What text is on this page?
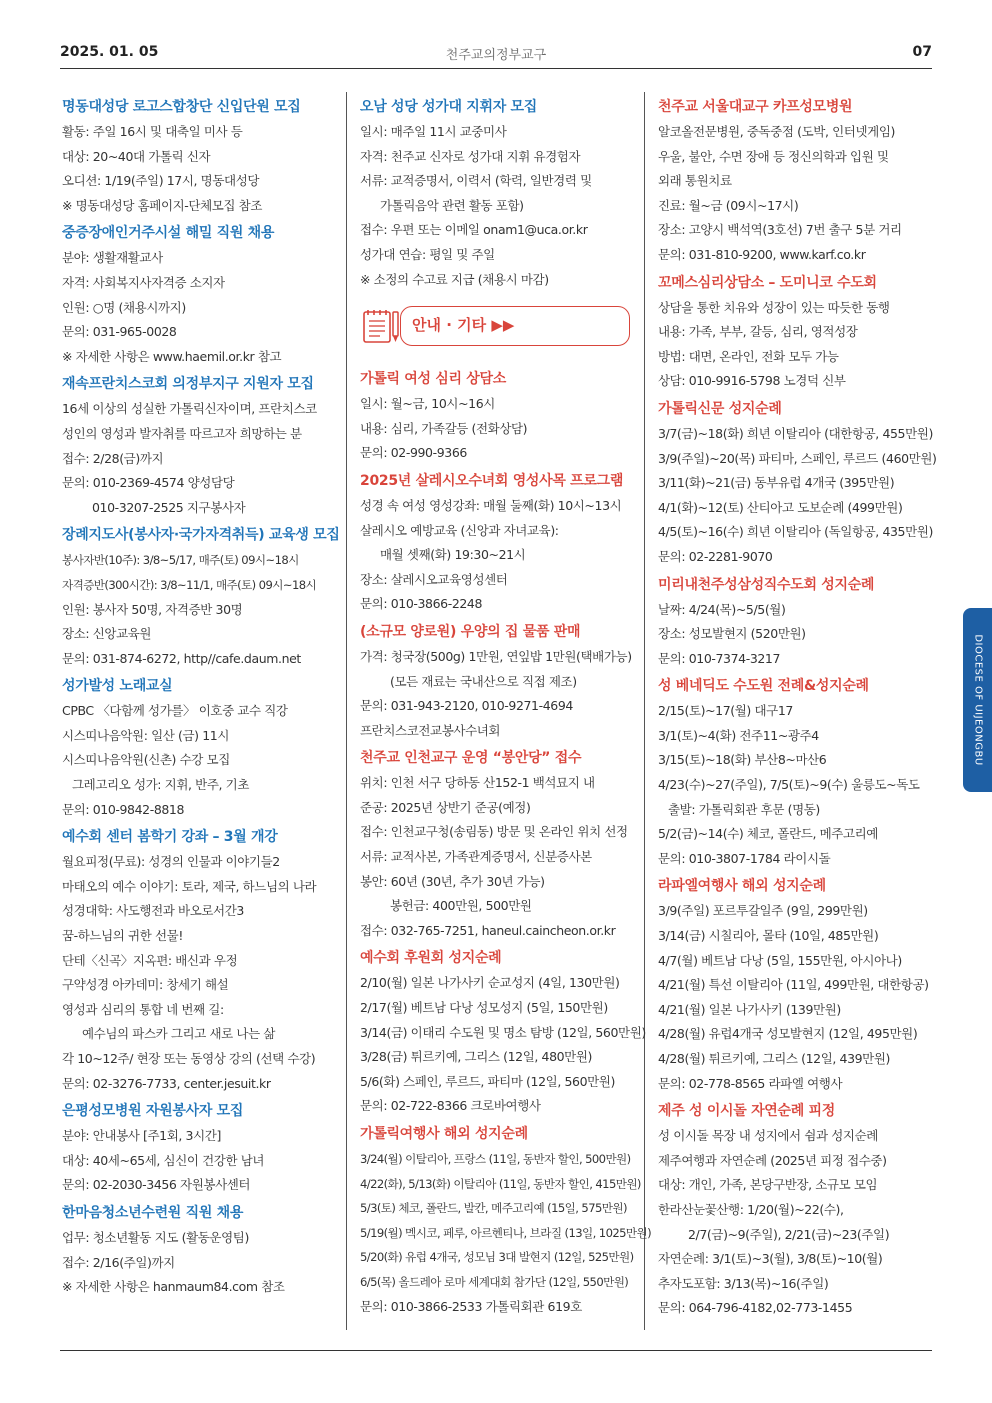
2025. 01. 05	천주교의정부교구	07
명동대성당 로고스합창단 신입단원 모집
활동: 주일 16시 및 대축일 미사 등
대상: 20~40대 가톨릭 신자
오디션: 1/19(주일) 17시, 명동대성당
※ 명동대성당 홈페이지-단체모집 참조
중증장애인거주시설 해밀 직원 채용
분야: 생활재활교사
자격: 사회복지사자격증 소지자
인원: ○명 (채용시까지)
문의: 031-965-0028
※ 자세한 사항은 www.haemil.or.kr 참고
재속프란치스코회 의정부지구 지원자 모집
16세 이상의 성실한 가톨릭신자이며, 프란치스코
성인의 영성과 발자취를 따르고자 희망하는 분
접수: 2/28(금)까지
문의: 010-2369-4574 양성담당
010-3207-2525 지구봉사자
장례지도사(봉사자·국가자격취득) 교육생 모집
봉사자반(10주): 3/8~5/17, 매주(토) 09시~18시
자격증반(300시간): 3/8~11/1, 매주(토) 09시~18시
인원: 봉사자 50명, 자격증반 30명
장소: 신앙교육원
문의: 031-874-6272, http//cafe.daum.net
성가발성 노래교실
CPBC 〈다함께 성가를〉 이호중 교수 직강
시스띠나음악원: 일산 (금) 11시
시스띠나음악원(신촌) 수강 모집
그레고리오 성가: 지휘, 반주, 기초
문의: 010-9842-8818
예수회 센터 봄학기 강좌 – 3월 개강
월요피정(무료): 성경의 인물과 이야기들2
마태오의 예수 이야기: 토라, 제국, 하느님의 나라
성경대학: 사도행전과 바오로서간3
꿈-하느님의 귀한 선물!
단테〈신곡〉지옥편: 배신과 우정
구약성경 아카데미: 창세기 해설
영성과 심리의 통합 네 번째 길:
예수님의 파스카 그리고 새로 나는 삶
각 10~12주/ 현장 또는 동영상 강의 (선택 수강)
문의: 02-3276-7733, center.jesuit.kr
은평성모병원 자원봉사자 모집
분야: 안내봉사 [주1회, 3시간]
대상: 40세~65세, 심신이 건강한 남녀
문의: 02-2030-3456 자원봉사센터
한마음청소년수련원 직원 채용
업무: 청소년활동 지도 (활동운영팀)
접수: 2/16(주일)까지
※ 자세한 사항은 hanmaum84.com 참조
오남 성당 성가대 지휘자 모집
일시: 매주일 11시 교중미사
자격: 천주교 신자로 성가대 지휘 유경험자
서류: 교적증명서, 이력서 (학력, 일반경력 및
가톨릭음악 관련 활동 포함)
접수: 우편 또는 이메일 onam1@uca.or.kr
성가대 연습: 평일 및 주일
※ 소정의 수고료 지급 (채용시 마감)
안내 · 기타 ▶▶
가톨릭 여성 심리 상담소
일시: 월~금, 10시~16시
내용: 심리, 가족갈등 (전화상담)
문의: 02-990-9366
2025년 살레시오수녀회 영성사목 프로그램
성경 속 여성 영성강좌: 매월 둘째(화) 10시~13시
살레시오 예방교육 (신앙과 자녀교육):
매월 셋째(화) 19:30~21시
장소: 살레시오교육영성센터
문의: 010-3866-2248
(소규모 양로원) 우양의 집 물품 판매
가격: 청국장(500g) 1만원, 연잎밥 1만원(택배가능)
(모든 재료는 국내산으로 직접 제조)
문의: 031-943-2120, 010-9271-4694
프란치스코전교봉사수녀회
천주교 인천교구 운영 “봉안당” 접수
위치: 인천 서구 당하동 산152-1 백석묘지 내
준공: 2025년 상반기 준공(예정)
접수: 인천교구청(송림동) 방문 및 온라인 위치 선정
서류: 교적사본, 가족관계증명서, 신분증사본
봉안: 60년 (30년, 추가 30년 가능)
봉헌금: 400만원, 500만원
접수: 032-765-7251, haneul.caincheon.or.kr
예수회 후원회 성지순례
2/10(월) 일본 나가사키 순교성지 (4일, 130만원)
2/17(월) 베트남 다낭 성모성지 (5일, 150만원)
3/14(금) 이태리 수도원 및 명소 탐방 (12일, 560만원)
3/28(금) 튀르키예, 그리스 (12일, 480만원)
5/6(화) 스페인, 루르드, 파티마 (12일, 560만원)
문의: 02-722-8366 크로바여행사
가톨릭여행사 해외 성지순례
3/24(월) 이탈리아, 프랑스 (11일, 동반자 할인, 500만원)
4/22(화), 5/13(화) 이탈리아 (11일, 동반자 할인, 415만원)
5/3(토) 체코, 폴란드, 발칸, 메주고리예 (15일, 575만원)
5/19(월) 멕시코, 페루, 아르헨티나, 브라질 (13일, 1025만원)
5/20(화) 유럽 4개국, 성모님 3대 발현지 (12일, 525만원)
6/5(목) 올드레아 로마 세계대회 참가단 (12일, 550만원)
문의: 010-3866-2533 가톨릭회관 619호
천주교 서울대교구 카프성모병원
알코올전문병원, 중독중점 (도박, 인터넷게임)
우울, 불안, 수면 장애 등 정신의학과 입원 및
외래 통원치료
진료: 월~금 (09시~17시)
장소: 고양시 백석역(3호선) 7번 출구 5분 거리
문의: 031-810-9200, www.karf.co.kr
꼬메스심리상담소 – 도미니코 수도회
상담을 통한 치유와 성장이 있는 따듯한 동행
내용: 가족, 부부, 갈등, 심리, 영적성장
방법: 대면, 온라인, 전화 모두 가능
상담: 010-9916-5798 노경덕 신부
가톨릭신문 성지순례
3/7(금)~18(화) 희년 이탈리아 (대한항공, 455만원)
3/9(주일)~20(목) 파티마, 스페인, 루르드 (460만원)
3/11(화)~21(금) 동부유럽 4개국 (395만원)
4/1(화)~12(토) 산티아고 도보순례 (499만원)
4/5(토)~16(수) 희년 이탈리아 (독일항공, 435만원)
문의: 02-2281-9070
미리내천주성삼성직수도회 성지순례
날짜: 4/24(목)~5/5(월)
장소: 성모발현지 (520만원)
문의: 010-7374-3217
성 베네딕도 수도원 전례&성지순례
2/15(토)~17(월) 대구17
3/1(토)~4(화) 전주11~광주4
3/15(토)~18(화) 부산8~마산6
4/23(수)~27(주일), 7/5(토)~9(수) 울릉도~독도
출발: 가톨릭회관 후문 (명동)
5/2(금)~14(수) 체코, 폴란드, 메주고리예
문의: 010-3807-1784 라이시돌
라파엘여행사 해외 성지순례
3/9(주일) 포르투갈일주 (9일, 299만원)
3/14(금) 시칠리아, 몰타 (10일, 485만원)
4/7(월) 베트남 다낭 (5일, 155만원, 아시아나)
4/21(월) 특선 이탈리아 (11일, 499만원, 대한항공)
4/21(월) 일본 나가사키 (139만원)
4/28(월) 유럽4개국 성모발현지 (12일, 495만원)
4/28(월) 튀르키예, 그리스 (12일, 439만원)
문의: 02-778-8565 라파엘 여행사
제주 성 이시돌 자연순례 피정
성 이시돌 목장 내 성지에서 쉼과 성지순례
제주여행과 자연순례 (2025년 피정 접수중)
대상: 개인, 가족, 본당구반장, 소규모 모임
한라산눈꽃산행: 1/20(월)~22(수),
2/7(금)~9(주일), 2/21(금)~23(주일)
자연순례: 3/1(토)~3(월), 3/8(토)~10(월)
추자도포함: 3/13(목)~16(주일)
문의: 064-796-4182,02-773-1455
DIOCESE OF UIJEONGBU
